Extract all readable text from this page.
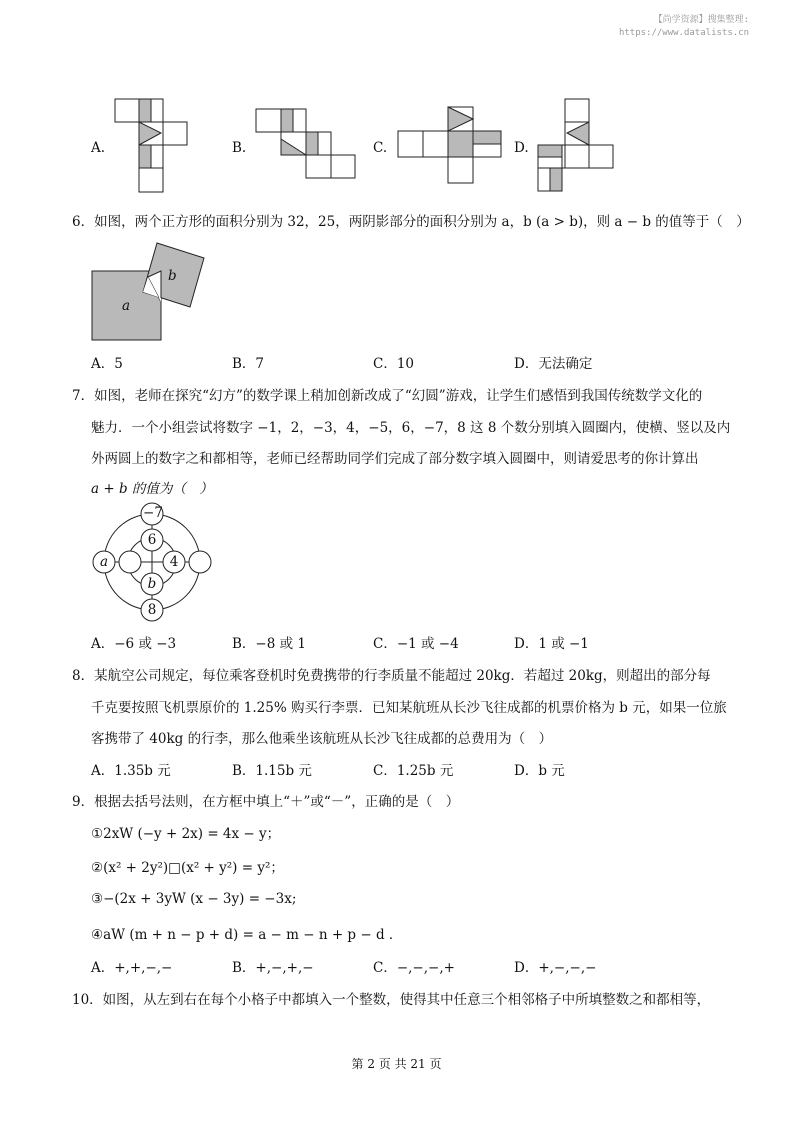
【尚学资源】搜集整理:
https://www.datalists.cn
A.	B.	C.	D.
6．如图，两个正方形的面积分别为 32，25，两阴影部分的面积分别为 a，b (a > b)，则 a − b 的值等于（　）
b
a
A．5	B．7	C．10	D．无法确定
7．如图，老师在探究“幻方”的数学课上稍加创新改成了“幻圆”游戏，让学生们感悟到我国传统数学文化的
魅力．一个小组尝试将数字 −1，2，−3，4，−5，6，−7，8 这 8 个数分别填入圆圈内，使横、竖以及内
外两圆上的数字之和都相等，老师已经帮助同学们完成了部分数字填入圆圈中，则请爱思考的你计算出
a + b 的值为（　）
−7
6
a	4
b
8
A．−6 或 −3	B．−8 或 1	C．−1 或 −4	D．1 或 −1
8．某航空公司规定，每位乘客登机时免费携带的行李质量不能超过 20kg．若超过 20kg，则超出的部分每
千克要按照飞机票原价的 1.25% 购买行李票．已知某航班从长沙飞往成都的机票价格为 b 元，如果一位旅
客携带了 40kg 的行李，那么他乘坐该航班从长沙飞往成都的总费用为（　）
A．1.35b 元	B．1.15b 元	C．1.25b 元	D．b 元
9．根据去括号法则，在方框中填上“＋”或“－”，正确的是（　）
①2xW (−y + 2x) = 4x − y；
②(x² + 2y²)□(x² + y²) = y²；
③−(2x + 3yW (x − 3y) = −3x;
④aW (m + n − p + d) = a − m − n + p − d ．
A．+,+,−,−	B．+,−,+,−	C．−,−,−,+	D．+,−,−,−
10．如图，从左到右在每个小格子中都填入一个整数，使得其中任意三个相邻格子中所填整数之和都相等，
第 2 页 共 21 页
